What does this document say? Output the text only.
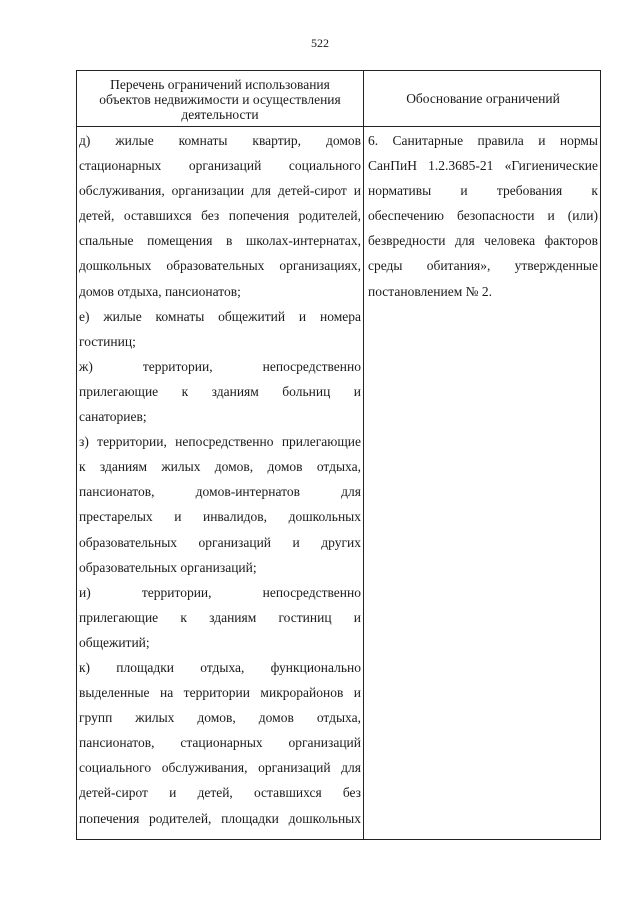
522
Перечень ограничений использования
объектов недвижимости и осуществления
деятельности
Обоснование ограничений
д) жилые комнаты квартир, домов
стационарных организаций социального
обслуживания, организации для детей-сирот и
детей, оставшихся без попечения родителей,
спальные помещения в школах-интернатах,
дошкольных образовательных организациях,
домов отдыха, пансионатов;
е) жилые комнаты общежитий и номера
гостиниц;
ж) территории, непосредственно
прилегающие к зданиям больниц и
санаториев;
з) территории, непосредственно прилегающие
к зданиям жилых домов, домов отдыха,
пансионатов, домов-интернатов для
престарелых и инвалидов, дошкольных
образовательных организаций и других
образовательных организаций;
и) территории, непосредственно
прилегающие к зданиям гостиниц и
общежитий;
к) площадки отдыха, функционально
выделенные на территории микрорайонов и
групп жилых домов, домов отдыха,
пансионатов, стационарных организаций
социального обслуживания, организаций для
детей-сирот и детей, оставшихся без
попечения родителей, площадки дошкольных
6. Санитарные правила и нормы
СанПиН 1.2.3685-21 «Гигиенические
нормативы и требования к
обеспечению безопасности и (или)
безвредности для человека факторов
среды обитания», утвержденные
постановлением № 2.
